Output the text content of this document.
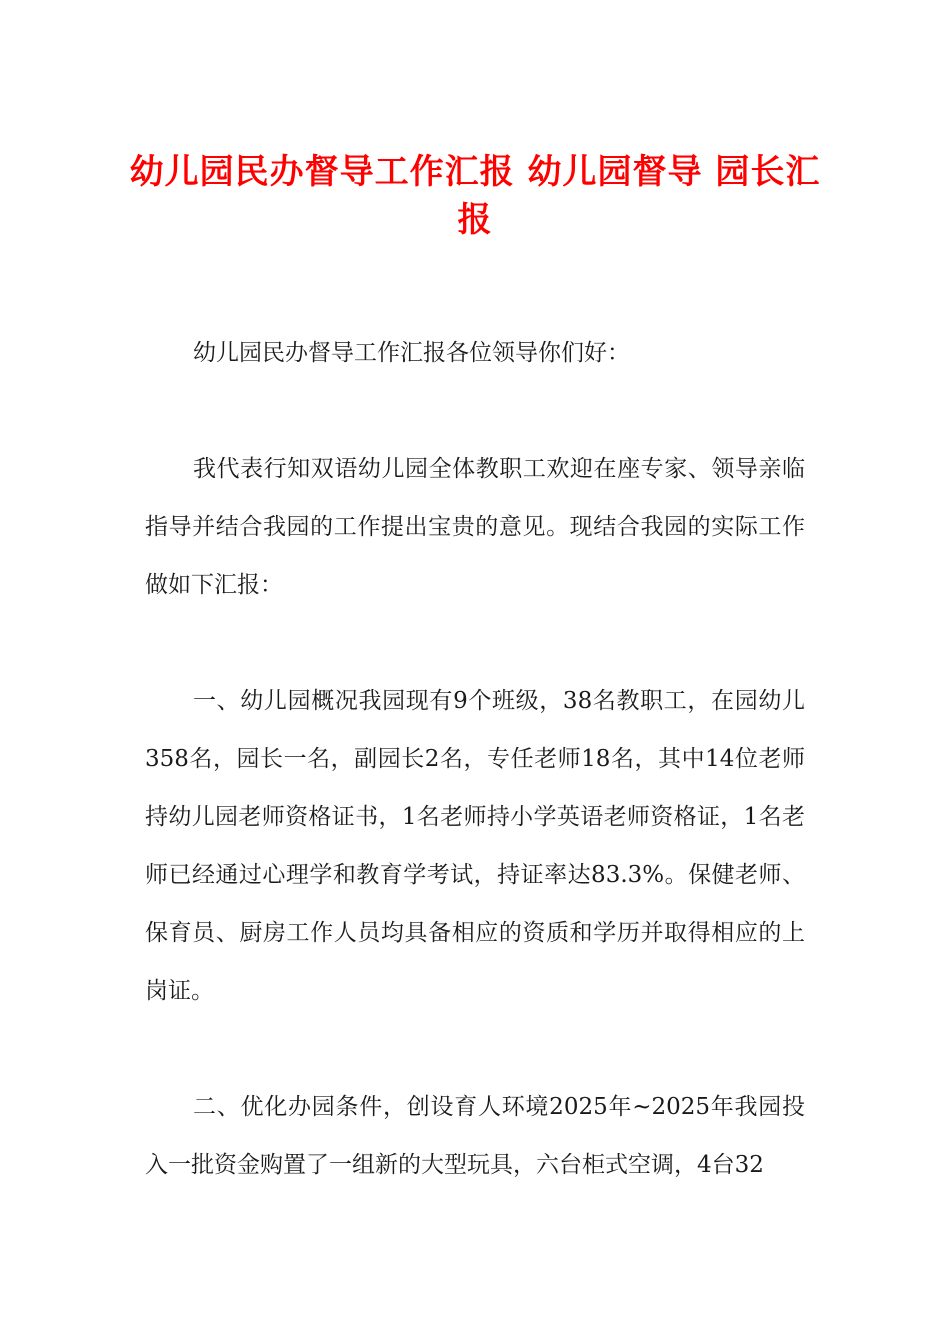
幼儿园民办督导工作汇报 幼儿园督导 园长汇报

幼儿园民办督导工作汇报各位领导你们好：

我代表行知双语幼儿园全体教职工欢迎在座专家、领导亲临指导并结合我园的工作提出宝贵的意见。现结合我园的实际工作做如下汇报：

一、幼儿园概况我园现有9个班级，38名教职工，在园幼儿358名，园长一名，副园长2名，专任老师18名，其中14位老师持幼儿园老师资格证书，1名老师持小学英语老师资格证，1名老师已经通过心理学和教育学考试，持证率达83.3%。保健老师、保育员、厨房工作人员均具备相应的资质和学历并取得相应的上岗证。

二、优化办园条件，创设育人环境2025年~2025年我园投入一批资金购置了一组新的大型玩具，六台柜式空调，4台32
